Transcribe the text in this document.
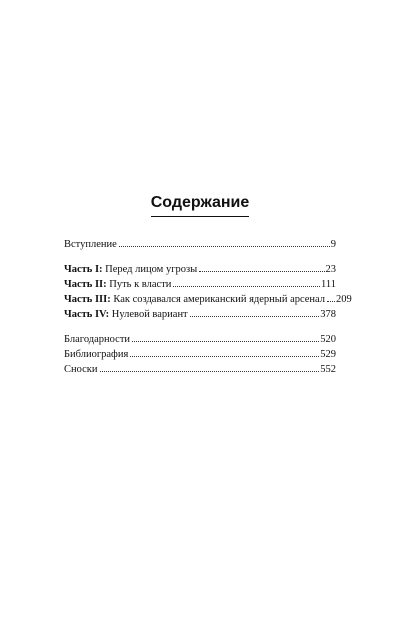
Содержание
Вступление	9
Часть I: Перед лицом угрозы	23
Часть II: Путь к власти	111
Часть III: Как создавался американский ядерный арсенал 209
Часть IV: Нулевой вариант	378
Благодарности	520
Библиография	529
Сноски	552
